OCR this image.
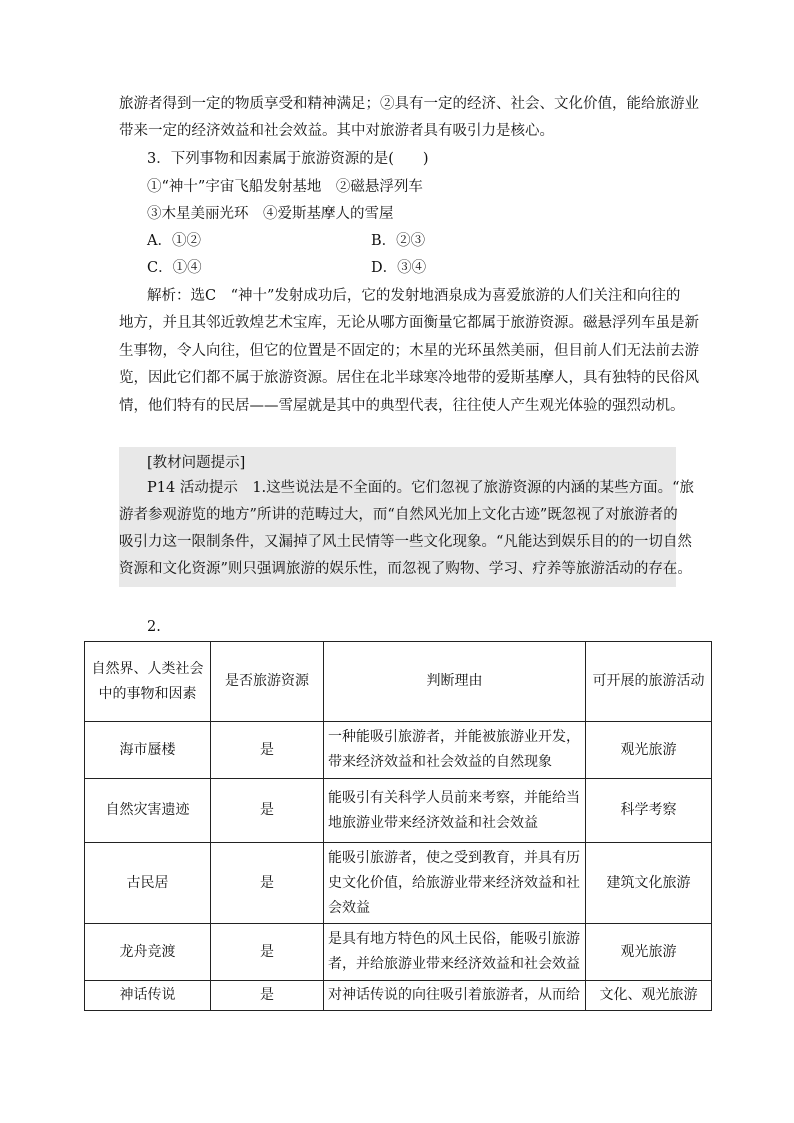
旅游者得到一定的物质享受和精神满足；②具有一定的经济、社会、文化价值，能给旅游业
带来一定的经济效益和社会效益。其中对旅游者具有吸引力是核心。
3．下列事物和因素属于旅游资源的是(　　)
①“神十”宇宙飞船发射基地　②磁悬浮列车
③木星美丽光环　④爱斯基摩人的雪屋
A．①②	B．②③
C．①④	D．③④
解析：选C　“神十”发射成功后，它的发射地酒泉成为喜爱旅游的人们关注和向往的
地方，并且其邻近敦煌艺术宝库，无论从哪方面衡量它都属于旅游资源。磁悬浮列车虽是新
生事物，令人向往，但它的位置是不固定的；木星的光环虽然美丽，但目前人们无法前去游
览，因此它们都不属于旅游资源。居住在北半球寒冷地带的爱斯基摩人，具有独特的民俗风
情，他们特有的民居——雪屋就是其中的典型代表，往往使人产生观光体验的强烈动机。
[教材问题提示]
P14 活动提示　1.这些说法是不全面的。它们忽视了旅游资源的内涵的某些方面。“旅
游者参观游览的地方”所讲的范畴过大，而“自然风光加上文化古迹”既忽视了对旅游者的
吸引力这一限制条件，又漏掉了风土民情等一些文化现象。“凡能达到娱乐目的的一切自然
资源和文化资源”则只强调旅游的娱乐性，而忽视了购物、学习、疗养等旅游活动的存在。
2.
自然界、人类社会中的事物和因素	是否旅游资源	判断理由	可开展的旅游活动
海市蜃楼	是	一种能吸引旅游者，并能被旅游业开发，带来经济效益和社会效益的自然现象	观光旅游
自然灾害遗迹	是	能吸引有关科学人员前来考察，并能给当地旅游业带来经济效益和社会效益	科学考察
古民居	是	能吸引旅游者，使之受到教育，并具有历史文化价值，给旅游业带来经济效益和社会效益	建筑文化旅游
龙舟竞渡	是	是具有地方特色的风土民俗，能吸引旅游者，并给旅游业带来经济效益和社会效益	观光旅游
神话传说	是	对神话传说的向往吸引着旅游者，从而给	文化、观光旅游
